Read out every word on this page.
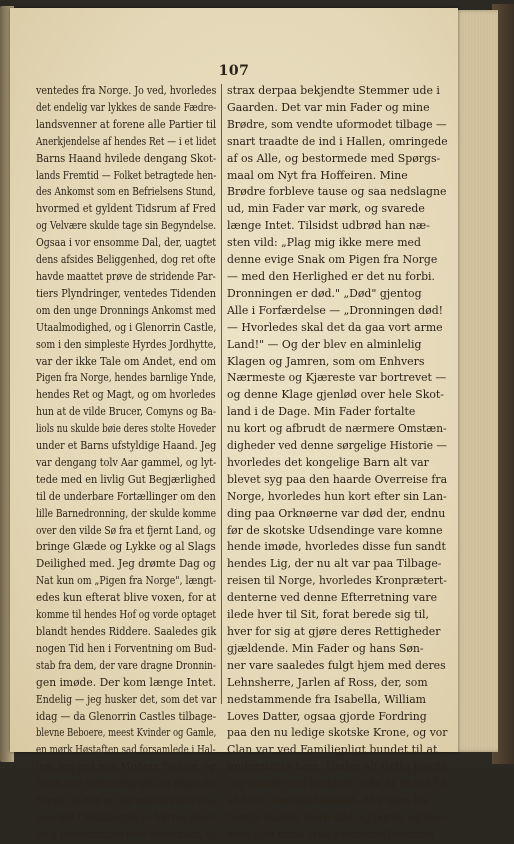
107
ventedes fra Norge. Jo ved, hvorledes
det endelig var lykkes de sande Fædre-
landsvenner at forene alle Partier til
Anerkjendelse af hendes Ret — i et lidet
Barns Haand hvilede dengang Skot-
lands Fremtid — Folket betragtede hen-
des Ankomst som en Befrielsens Stund,
hvormed et gyldent Tidsrum af Fred
og Velvære skulde tage sin Begyndelse.
Ogsaa i vor ensomme Dal, der, uagtet
dens afsides Beliggenhed, dog ret ofte
havde maattet prøve de stridende Par-
tiers Plyndringer, ventedes Tidenden
om den unge Dronnings Ankomst med
Utaalmodighed, og i Glenorrin Castle,
som i den simpleste Hyrdes Jordhytte,
var der ikke Tale om Andet, end om
Pigen fra Norge, hendes barnlige Ynde,
hendes Ret og Magt, og om hvorledes
hun at de vilde Brucer, Comyns og Ba-
liols nu skulde bøie deres stolte Hoveder
under et Barns ufstyldige Haand. Jeg
var dengang tolv Aar gammel, og lyt-
tede med en livlig Gut Begjærlighed
til de underbare Fortællinger om den
lille Barnedronning, der skulde komme
over den vilde Sø fra et fjernt Land, og
bringe Glæde og Lykke og al Slags
Deilighed med. Jeg drømte Dag og
Nat kun om „Pigen fra Norge", længt-
edes kun efterat blive voxen, for at
komme til hendes Hof og vorde optaget
blandt hendes Riddere. Saaledes gik
nogen Tid hen i Forventning om Bud-
stab fra dem, der vare dragne Dronnin-
gen imøde. Der kom længe Intet.
Endelig — jeg husker det, som det var
idag — da Glenorrin Castles tilbage-
blevne Beboere, meest Kvinder og Gamle,
en mørk Høstaften sad forsamlede i Hal-
len, jeg ved min Moders Fødder, og
Talen som sædvanligt gik om Pigen fra
Norge, at hun nu vel maatte være dra-
gen ind i Edinburgh — hørtes plud-
selig Hestetrampen over Vindebroen, og
strax derpaa bekjendte Stemmer ude i
Gaarden. Det var min Fader og mine
Brødre, som vendte uformodet tilbage —
snart traadte de ind i Hallen, omringede
af os Alle, og bestormede med Spørgs-
maal om Nyt fra Hoffeiren. Mine
Brødre forbleve tause og saa nedslagne
ud, min Fader var mørk, og svarede
længe Intet. Tilsidst udbrød han næ-
sten vild: „Plag mig ikke mere med
denne evige Snak om Pigen fra Norge
— med den Herlighed er det nu forbi.
Dronningen er død." „Død" gjentog
Alle i Forfærdelse — „Dronningen død!
— Hvorledes skal det da gaa vort arme
Land!" — Og der blev en alminlelig
Klagen og Jamren, som om Enhvers
Nærmeste og Kjæreste var bortrevet —
og denne Klage gjenlød over hele Skot-
land i de Dage. Min Fader fortalte
nu kort og afbrudt de nærmere Omstæn-
digheder ved denne sørgelige Historie —
hvorledes det kongelige Barn alt var
blevet syg paa den haarde Overreise fra
Norge, hvorledes hun kort efter sin Lan-
ding paa Orknøerne var død der, endnu
før de skotske Udsendinge vare komne
hende imøde, hvorledes disse fun sandt
hendes Lig, der nu alt var paa Tilbage-
reisen til Norge, hvorledes Kronprætert-
denterne ved denne Efterretning vare
ilede hver til Sit, forat berede sig til,
hver for sig at gjøre deres Rettigheder
gjældende. Min Fader og hans Søn-
ner vare saaledes fulgt hjem med deres
Lehnsherre, Jarlen af Ross, der, som
nedstammende fra Isabella, William
Loves Datter, ogsaa gjorde Fordring
paa den nu ledige skotske Krone, og vor
Clan var ved Familiepligt bundet til at
understøtte ham. Under alt dette havde
jeg staaet som bedøvet, ude af Stand til
at fatte Dødsbudskabet. At Pigen fra
Norge skulde være død og borte, og der-
med alle mine lyse Fremtids-Drømme
